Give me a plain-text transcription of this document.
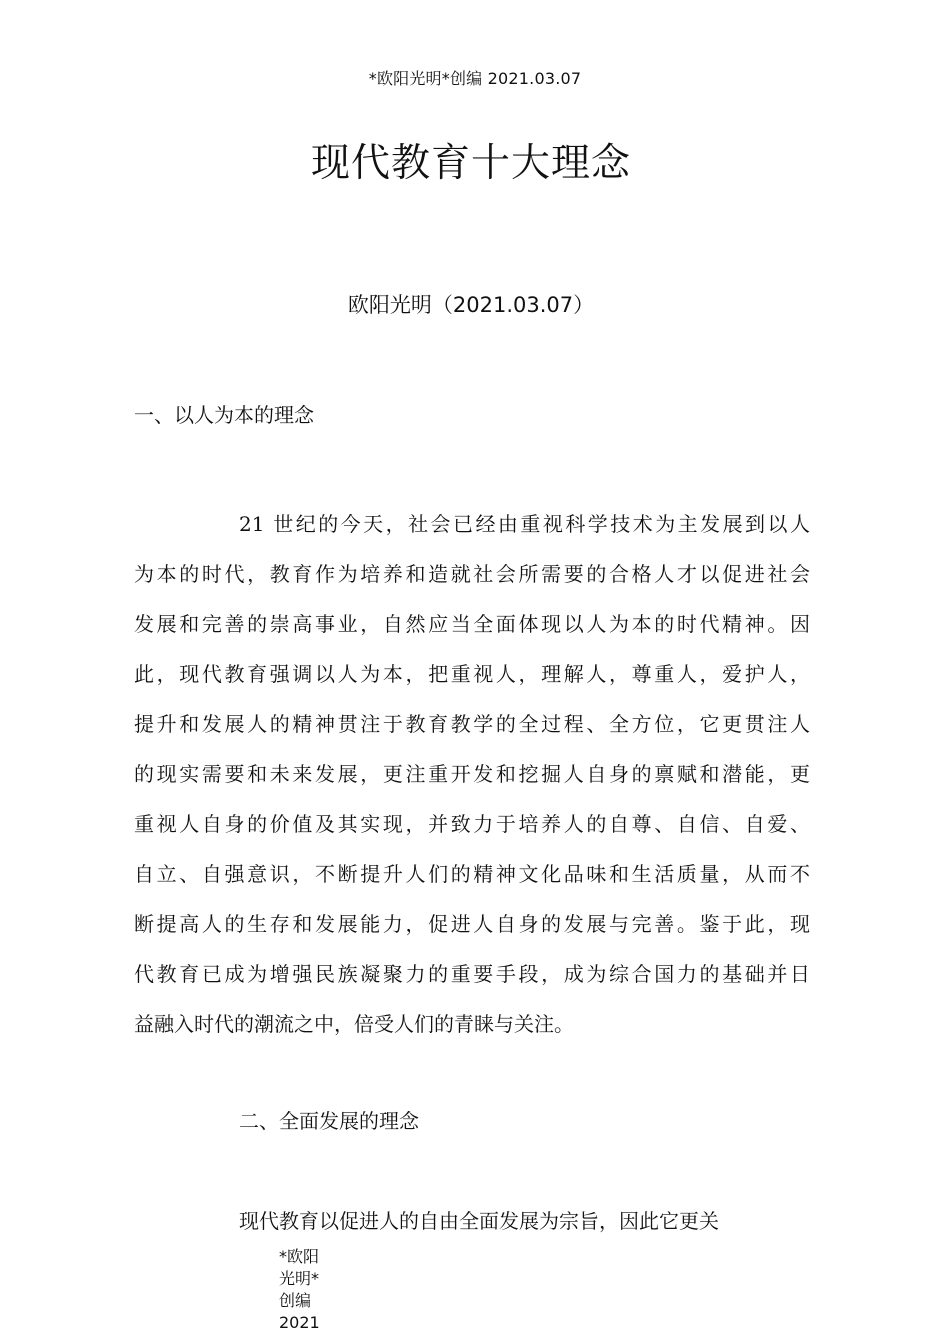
*欧阳光明*创编 2021.03.07
现代教育十大理念
欧阳光明（2021.03.07）
一、以人为本的理念
21 世纪的今天，社会已经由重视科学技术为主发展到以人
为本的时代，教育作为培养和造就社会所需要的合格人才以促进社会
发展和完善的崇高事业，自然应当全面体现以人为本的时代精神。因
此，现代教育强调以人为本，把重视人，理解人，尊重人，爱护人，
提升和发展人的精神贯注于教育教学的全过程、全方位，它更贯注人
的现实需要和未来发展，更注重开发和挖掘人自身的禀赋和潜能，更
重视人自身的价值及其实现，并致力于培养人的自尊、自信、自爱、
自立、自强意识，不断提升人们的精神文化品味和生活质量，从而不
断提高人的生存和发展能力，促进人自身的发展与完善。鉴于此，现
代教育已成为增强民族凝聚力的重要手段，成为综合国力的基础并日
益融入时代的潮流之中，倍受人们的青睐与关注。
二、全面发展的理念
现代教育以促进人的自由全面发展为宗旨，因此它更关
*欧阳光明*创编 2021
